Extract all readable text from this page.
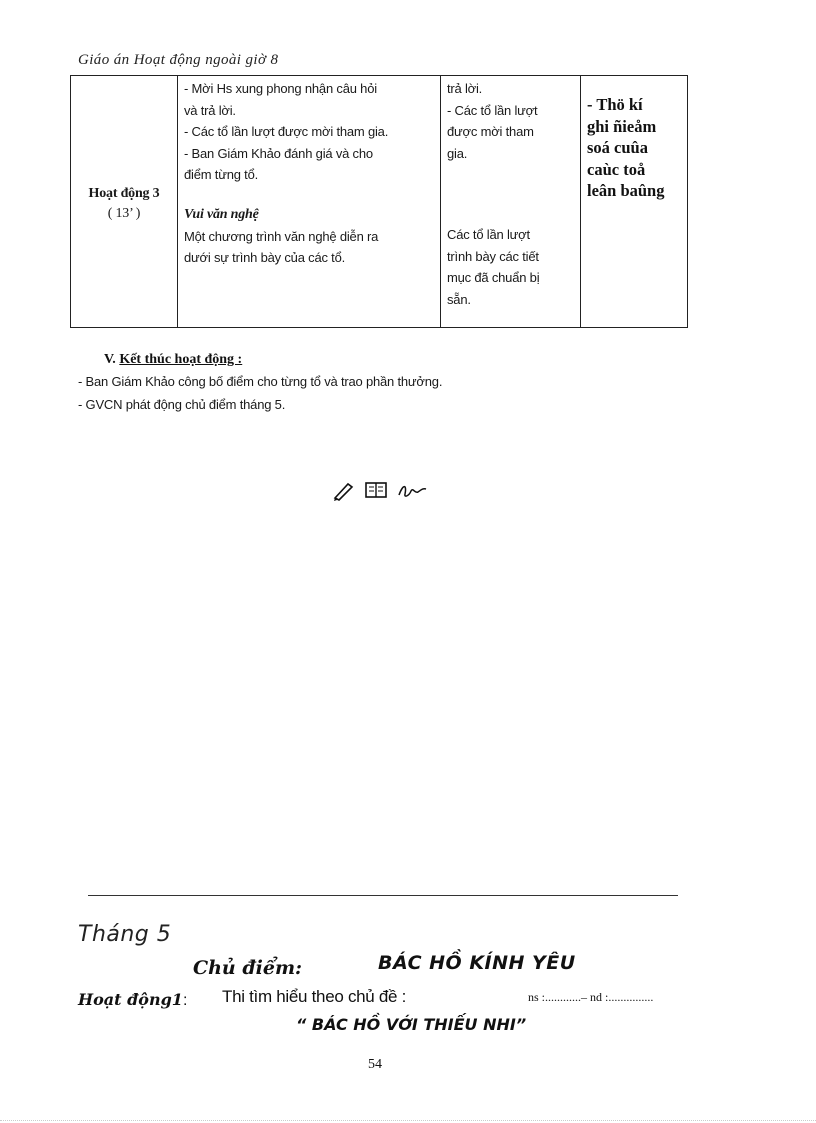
Giáo án Hoạt động ngoài giờ 8
Hoạt động 3
( 13’ )
- Mời Hs xung phong nhận câu hỏi
và trả lời.
- Các tổ lần lượt được mời tham gia.
- Ban Giám Khảo đánh giá và cho
điểm từng tổ.
Vui văn nghệ
Một chương trình văn nghệ diễn ra
dưới sự trình bày của các tổ.
trả lời.
- Các tổ lần lượt
được mời tham
gia.
Các tổ lần lượt
trình bày các tiết
mục đã chuẩn bị
sẵn.
- Thö kí
ghi ñieåm
soá cuûa
caùc toå
leân baûng
V. Kết thúc hoạt động :
- Ban Giám Khảo công bố điểm cho từng tổ và trao phần thưởng.
- GVCN phát động chủ điểm tháng 5.
Tháng 5
Chủ điểm:	BÁC HỒ KÍNH YÊU
Hoạt động1: Thi tìm hiểu theo chủ đề :	ns :............– nd :...............
“ BÁC HỒ VỚI THIẾU NHI”
54
